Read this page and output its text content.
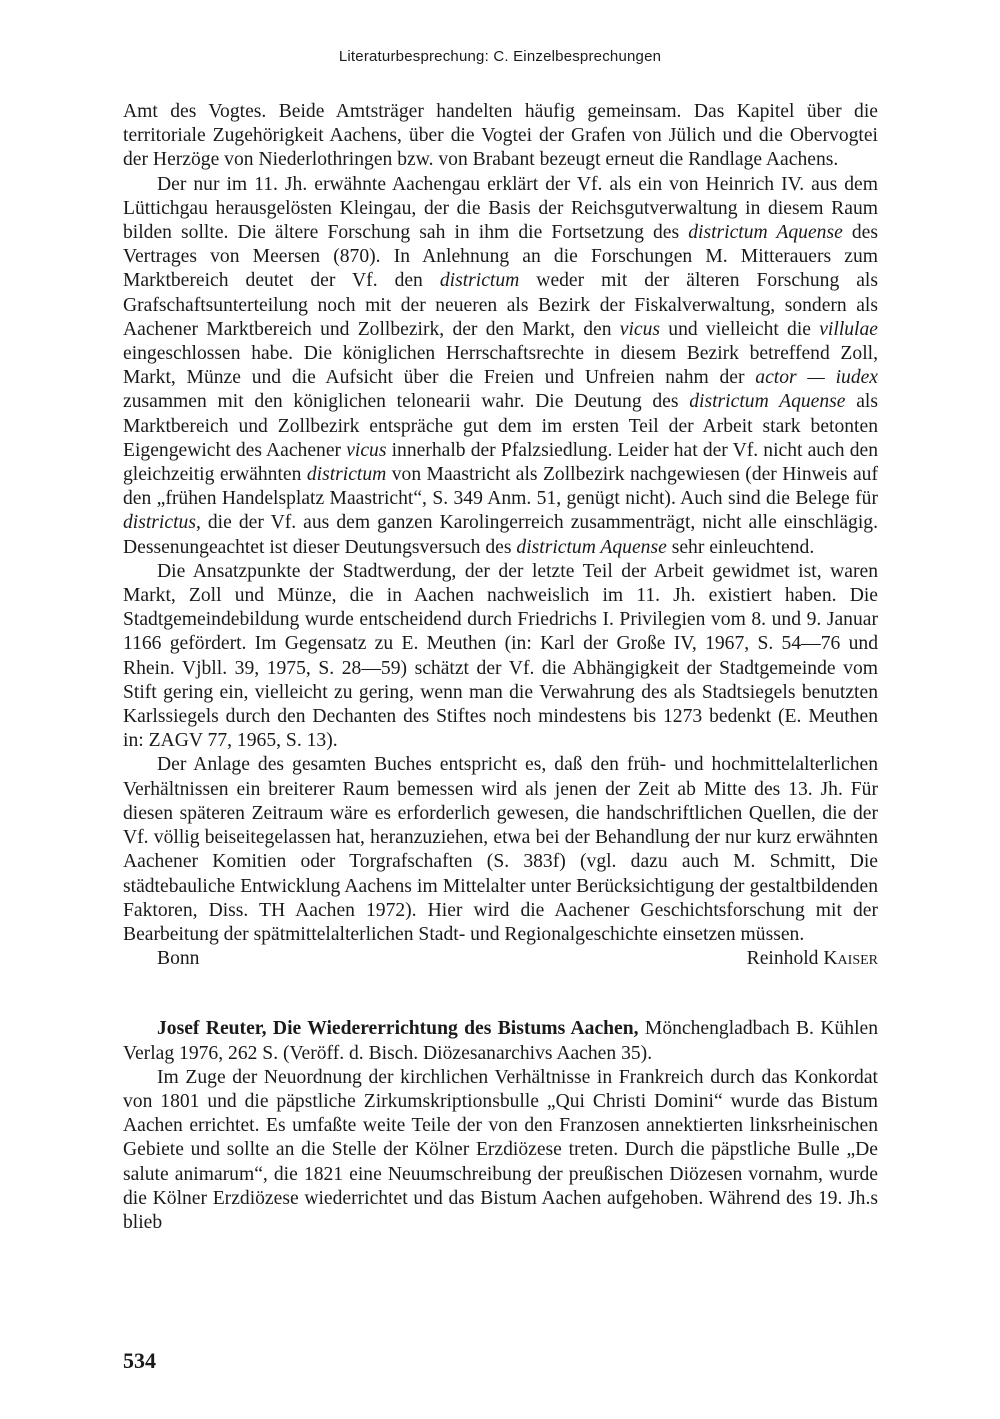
Literaturbesprechung: C. Einzelbesprechungen

Amt des Vogtes. Beide Amtsträger handelten häufig gemeinsam. Das Kapitel über die territoriale Zugehörigkeit Aachens, über die Vogtei der Grafen von Jülich und die Obervogtei der Herzöge von Niederlothringen bzw. von Brabant bezeugt erneut die Randlage Aachens.

Der nur im 11. Jh. erwähnte Aachengau erklärt der Vf. als ein von Heinrich IV. aus dem Lüttichgau herausgelösten Kleingau, der die Basis der Reichsgutverwaltung in diesem Raum bilden sollte. Die ältere Forschung sah in ihm die Fortsetzung des districtum Aquense des Vertrages von Meersen (870). In Anlehnung an die Forschungen M. Mitterauers zum Marktbereich deutet der Vf. den districtum weder mit der älteren Forschung als Grafschaftsunterteilung noch mit der neueren als Bezirk der Fiskalverwaltung, sondern als Aachener Marktbereich und Zollbezirk, der den Markt, den vicus und vielleicht die villulae eingeschlossen habe. Die königlichen Herrschaftsrechte in diesem Bezirk betreffend Zoll, Markt, Münze und die Aufsicht über die Freien und Unfreien nahm der actor — iudex zusammen mit den königlichen telonearii wahr. Die Deutung des districtum Aquense als Marktbereich und Zollbezirk entspräche gut dem im ersten Teil der Arbeit stark betonten Eigengewicht des Aachener vicus innerhalb der Pfalzsiedlung. Leider hat der Vf. nicht auch den gleichzeitig erwähnten districtum von Maastricht als Zollbezirk nachgewiesen (der Hinweis auf den „frühen Handelsplatz Maastricht“, S. 349 Anm. 51, genügt nicht). Auch sind die Belege für districtus, die der Vf. aus dem ganzen Karolingerreich zusammenträgt, nicht alle einschlägig. Dessenungeachtet ist dieser Deutungsversuch des districtum Aquense sehr einleuchtend.

Die Ansatzpunkte der Stadtwerdung, der der letzte Teil der Arbeit gewidmet ist, waren Markt, Zoll und Münze, die in Aachen nachweislich im 11. Jh. existiert haben. Die Stadtgemeindebildung wurde entscheidend durch Friedrichs I. Privilegien vom 8. und 9. Januar 1166 gefördert. Im Gegensatz zu E. Meuthen (in: Karl der Große IV, 1967, S. 54—76 und Rhein. Vjbll. 39, 1975, S. 28—59) schätzt der Vf. die Abhängigkeit der Stadtgemeinde vom Stift gering ein, vielleicht zu gering, wenn man die Verwahrung des als Stadtsiegels benutzten Karlssiegels durch den Dechanten des Stiftes noch mindestens bis 1273 bedenkt (E. Meuthen in: ZAGV 77, 1965, S. 13).

Der Anlage des gesamten Buches entspricht es, daß den früh- und hochmittelalterlichen Verhältnissen ein breiterer Raum bemessen wird als jenen der Zeit ab Mitte des 13. Jh. Für diesen späteren Zeitraum wäre es erforderlich gewesen, die handschriftlichen Quellen, die der Vf. völlig beiseitegelassen hat, heranzuziehen, etwa bei der Behandlung der nur kurz erwähnten Aachener Komitien oder Torgrafschaften (S. 383f) (vgl. dazu auch M. Schmitt, Die städtebauliche Entwicklung Aachens im Mittelalter unter Berücksichtigung der gestaltbildenden Faktoren, Diss. TH Aachen 1972). Hier wird die Aachener Geschichtsforschung mit der Bearbeitung der spätmittelalterlichen Stadt- und Regionalgeschichte einsetzen müssen.

Bonn	Reinhold Kaiser

Josef Reuter, Die Wiedererrichtung des Bistums Aachen, Mönchengladbach B. Kühlen Verlag 1976, 262 S. (Veröff. d. Bisch. Diözesanarchivs Aachen 35).

Im Zuge der Neuordnung der kirchlichen Verhältnisse in Frankreich durch das Konkordat von 1801 und die päpstliche Zirkumskriptionsbulle „Qui Christi Domini“ wurde das Bistum Aachen errichtet. Es umfaßte weite Teile der von den Franzosen annektierten linksrheinischen Gebiete und sollte an die Stelle der Kölner Erzdiözese treten. Durch die päpstliche Bulle „De salute animarum“, die 1821 eine Neuumschreibung der preußischen Diözesen vornahm, wurde die Kölner Erzdiözese wiederrichtet und das Bistum Aachen aufgehoben. Während des 19. Jh.s blieb

534
